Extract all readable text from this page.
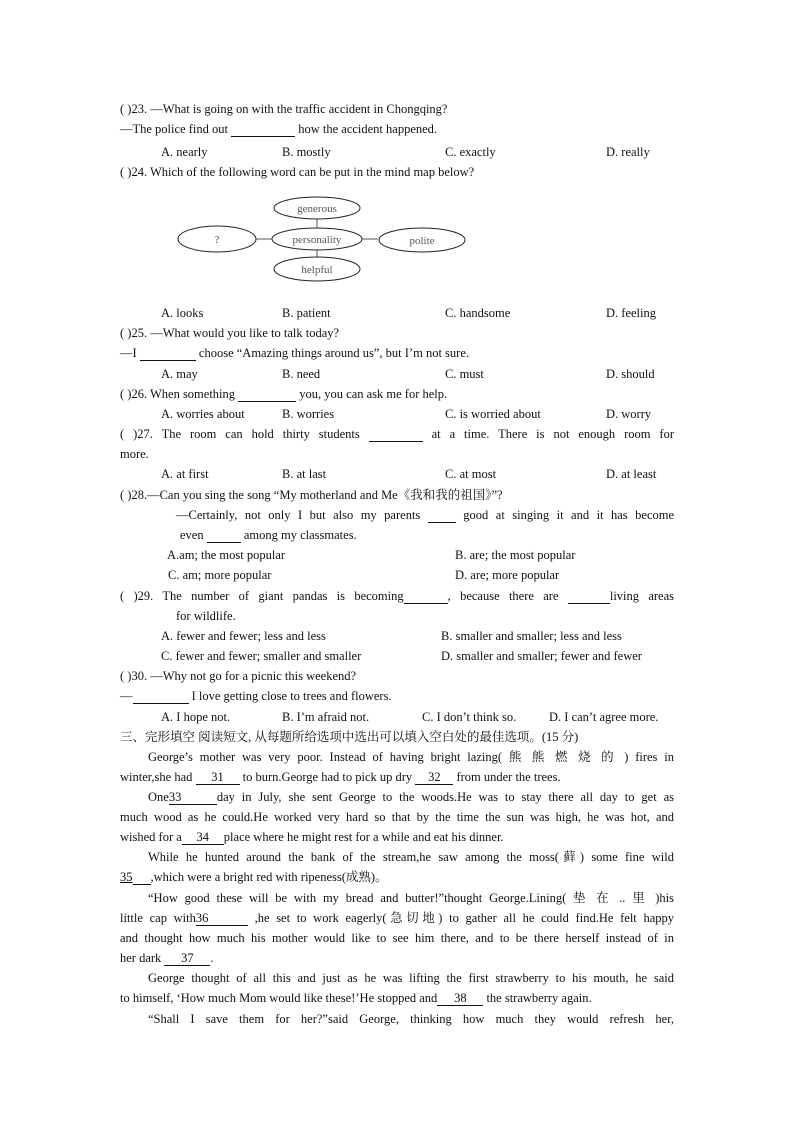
( )23. —What is going on with the traffic accident in Chongqing?
—The police find out	how the accident happened.
A. nearly	B. mostly	C. exactly	D. really
( )24. Which of the following word can be put in the mind map below?
generous
personality
?	polite
helpful
A. looks	B. patient	C. handsome	D. feeling
( )25. —What would you like to talk today?
—I	choose “Amazing things around us”, but I’m not sure.
A. may	B. need	C. must	D. should
( )26. When something	you, you can ask me for help.
A. worries about	B. worries	C. is worried about	D. worry
( )27. The room can hold thirty students	at a time. There is not enough room for
more.
A. at first	B. at last	C. at most	D. at least
( )28.—Can you sing the song “My motherland and Me《我和我的祖国》”?
—Certainly, not only I but also my parents	good at singing it and it has become
even	among my classmates.
A.am; the most popular	B. are; the most popular
C. am; more popular	D. are; more popular
( )29. The number of giant pandas is becoming	, because there are	living areas
for wildlife.
A. fewer and fewer; less and less	B. smaller and smaller; less and less
C. fewer and fewer; smaller and smaller	D. smaller and smaller; fewer and fewer
( )30. —Why not go for a picnic this weekend?
—	I love getting close to trees and flowers.
A. I hope not.	B. I’m afraid not.	C. I don’t think so.	D. I can’t agree more.
三、完形填空 阅读短文, 从每题所给选项中选出可以填入空白处的最佳选项。(15 分)
George’s mother was very poor. Instead of having bright lazing( 熊 熊 燃 烧 的 ) fires in
winter,she had 31 to burn.George had to pick up dry 32 from under the trees.
One33	day in July, she sent George to the woods.He was to stay there all day to get as
much wood as he could.He worked very hard so that by the time the sun was high, he was hot, and
wished for a 34 place where he might rest for a while and eat his dinner.
While he hunted around the bank of the stream,he saw among the moss(藓) some fine wild
35 ,which were a bright red with ripeness(成熟)。
“How good these will be with my bread and butter!”thought George.Lining( 垫 在 .. 里 )his
little cap with36	,he set to work eagerly(急切地) to gather all he could find.He felt happy
and thought how much his mother would like to see him there, and to be there herself instead of in
her dark 37 .
George thought of all this and just as he was lifting the first strawberry to his mouth, he said
to himself, ‘How much Mom would like these!’He stopped and 38 the strawberry again.
“Shall I save them for her?”said George, thinking how much they would refresh her,
